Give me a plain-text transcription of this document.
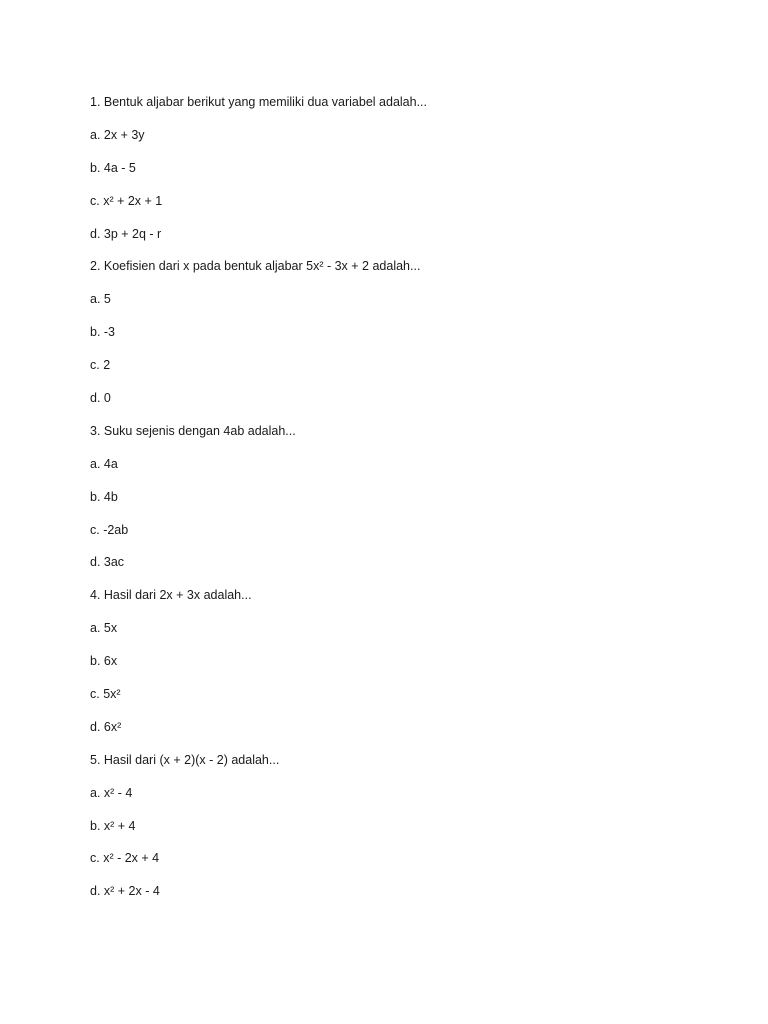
1. Bentuk aljabar berikut yang memiliki dua variabel adalah...
a. 2x + 3y
b. 4a - 5
c. x² + 2x + 1
d. 3p + 2q - r
2. Koefisien dari x pada bentuk aljabar 5x² - 3x + 2 adalah...
a. 5
b. -3
c. 2
d. 0
3. Suku sejenis dengan 4ab adalah...
a. 4a
b. 4b
c. -2ab
d. 3ac
4. Hasil dari 2x + 3x adalah...
a. 5x
b. 6x
c. 5x²
d. 6x²
5. Hasil dari (x + 2)(x - 2) adalah...
a. x² - 4
b. x² + 4
c. x² - 2x + 4
d. x² + 2x - 4
